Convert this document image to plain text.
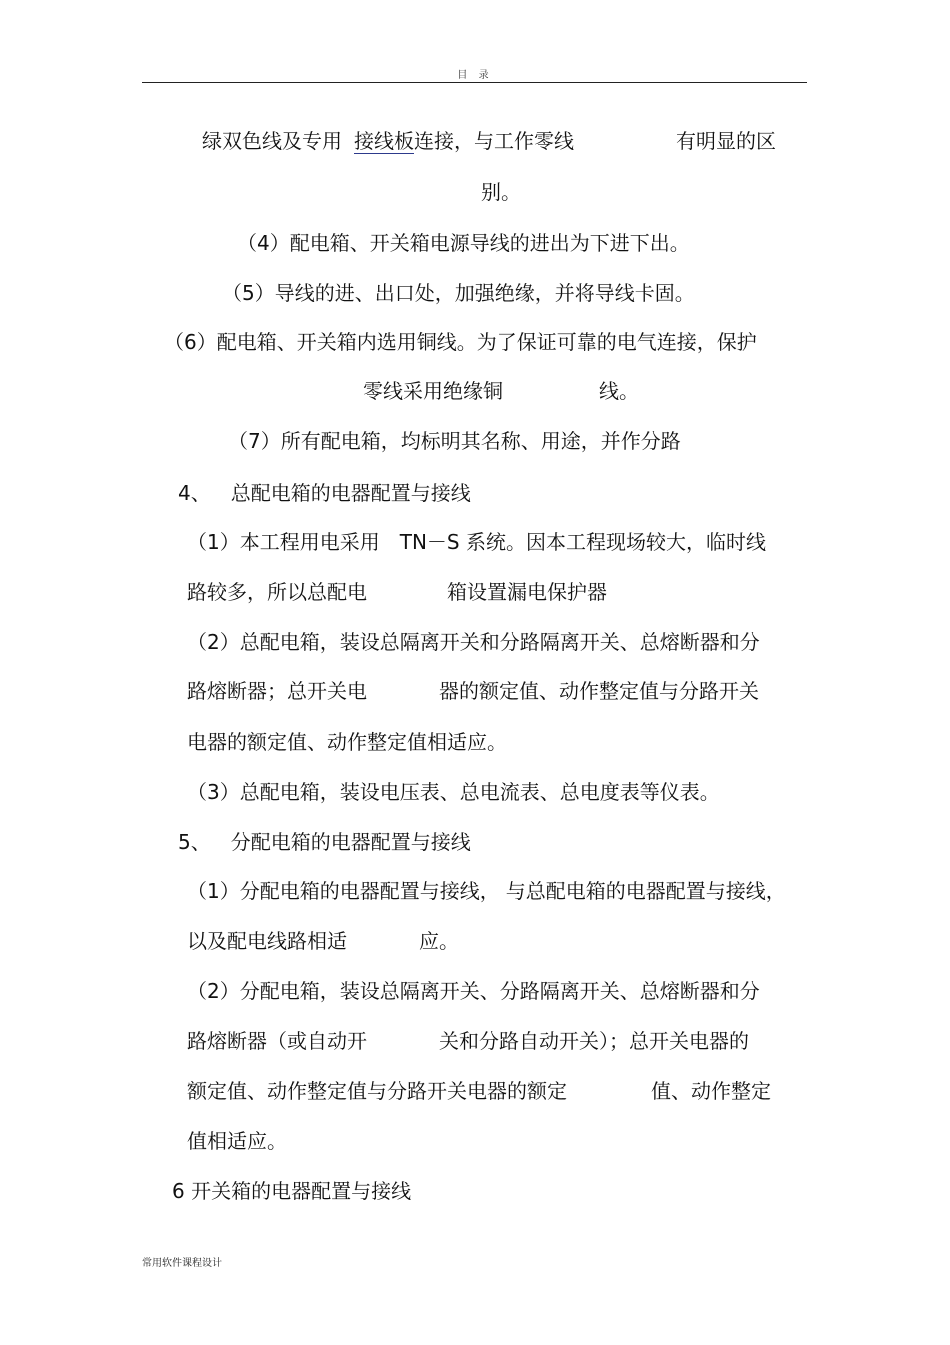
目 录
绿双色线及专用 接线板连接，与工作零线	有明显的区
别。
（4）配电箱、开关箱电源导线的进出为下进下出。
（5）导线的进、出口处，加强绝缘，并将导线卡固。
（6）配电箱、开关箱内选用铜线。为了保证可靠的电气连接，保护
零线采用绝缘铜	线。
（7）所有配电箱，均标明其名称、用途，并作分路
4、 总配电箱的电器配置与接线
（1）本工程用电采用 TN－S 系统。因本工程现场较大，临时线
路较多，所以总配电	箱设置漏电保护器
（2）总配电箱，装设总隔离开关和分路隔离开关、总熔断器和分
路熔断器；总开关电	器的额定值、动作整定值与分路开关
电器的额定值、动作整定值相适应。
（3）总配电箱，装设电压表、总电流表、总电度表等仪表。
5、 分配电箱的电器配置与接线
（1）分配电箱的电器配置与接线， 与总配电箱的电器配置与接线，
以及配电线路相适	应。
（2）分配电箱，装设总隔离开关、分路隔离开关、总熔断器和分
路熔断器（或自动开	关和分路自动开关）；总开关电器的
额定值、动作整定值与分路开关电器的额定	值、动作整定
值相适应。
6 开关箱的电器配置与接线
常用软件课程设计
